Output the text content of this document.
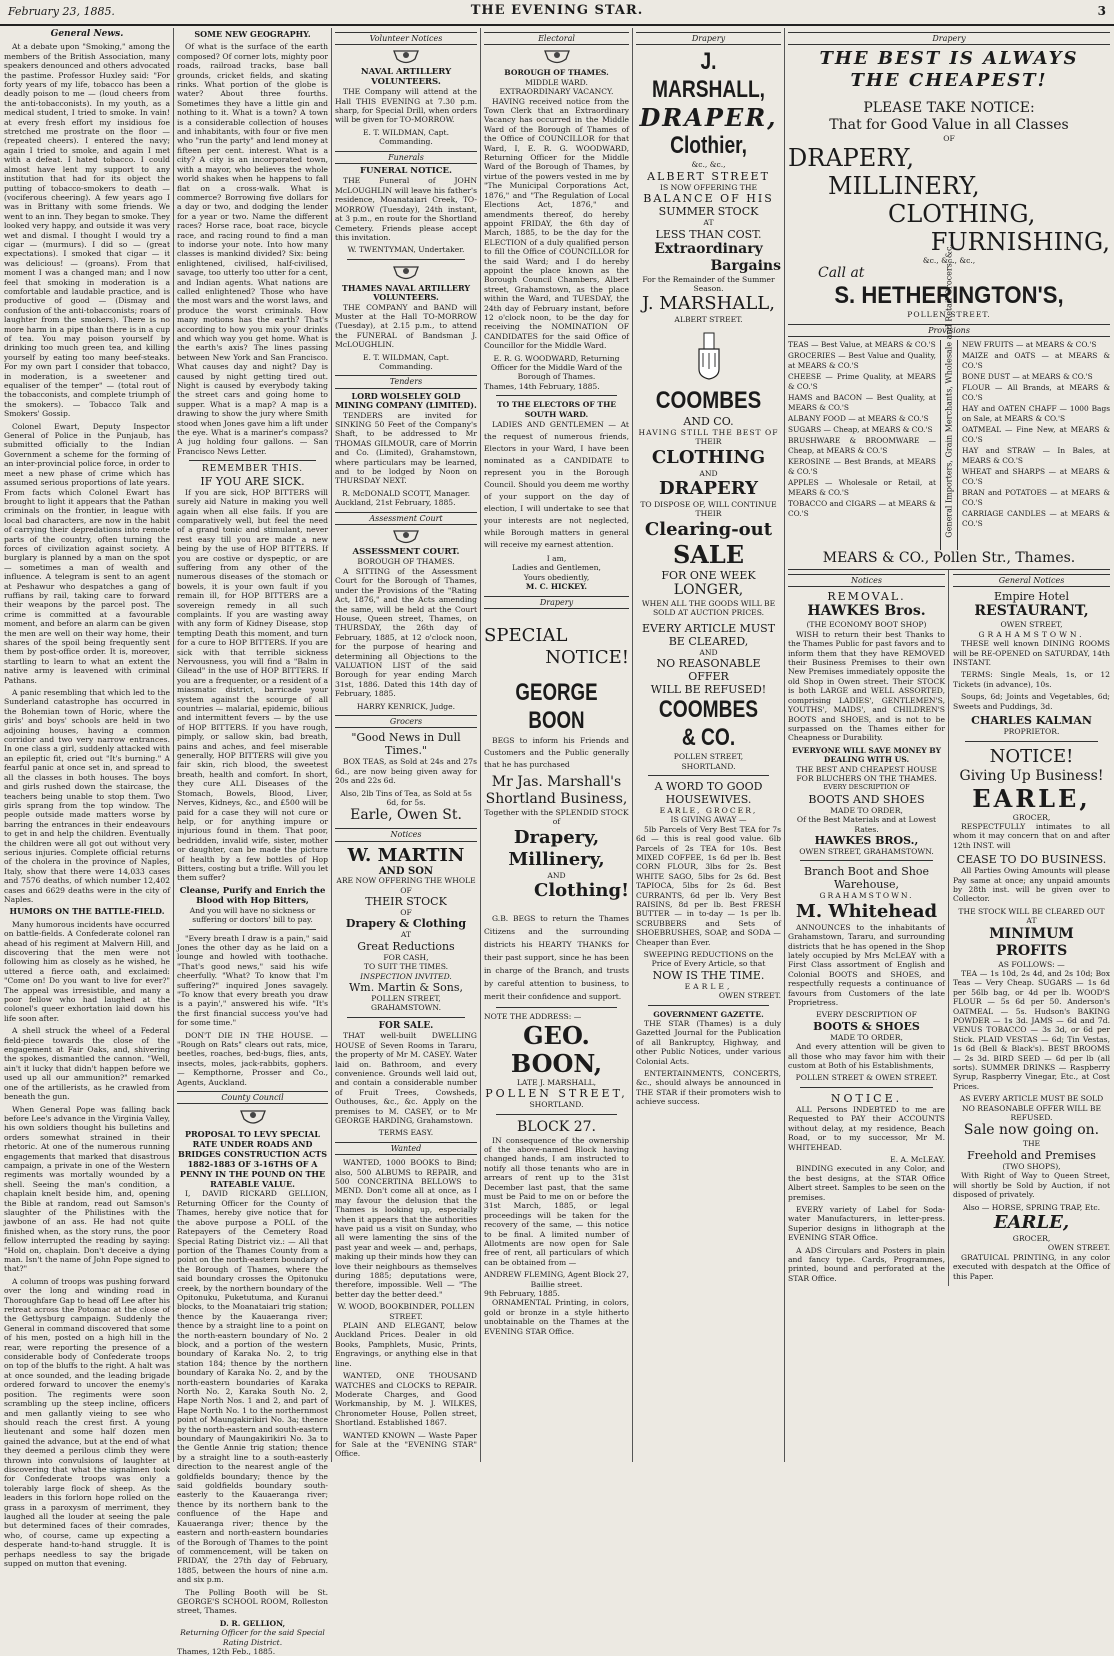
February 23, 1885.	THE EVENING STAR.	3
General News.

At a debate upon "Smoking," among the members of the British Association, many speakers denounced and others advocated the pastime. Professor Huxley said: "For forty years of my life, tobacco has been a deadly poison to me — (loud cheers from the anti-tobacconists). In my youth, as a medical student, I tried to smoke. In vain! at every fresh effort my insidious foe stretched me prostrate on the floor — (repeated cheers). I entered the navy; again I tried to smoke, and again I met with a defeat. I hated tobacco. I could almost have lent my support to any institution that had for its object the putting of tobacco-smokers to death — (vociferous cheering). A few years ago I was in Brittany with some friends. We went to an inn. They began to smoke. They looked very happy, and outside it was very wet and dismal. I thought I would try a cigar — (murmurs). I did so — (great expectations). I smoked that cigar — it was delicious! — (groans). From that moment I was a changed man; and I now feel that smoking in moderation is a comfortable and laudable practice, and is productive of good — (Dismay and confusion of the anti-tobacconists; roars of laughter from the smokers). There is no more harm in a pipe than there is in a cup of tea. You may poison yourself by drinking too much green tea, and killing yourself by eating too many beef-steaks. For my own part I consider that tobacco, in moderation, is a sweetener and equaliser of the temper" — (total rout of the tobacconists, and complete triumph of the smokers). — Tobacco Talk and Smokers' Gossip.

Colonel Ewart, Deputy Inspector General of Police in the Punjaub, has submitted officially to the Indian Government a scheme for the forming of an inter-provincial police force, in order to meet a new phase of crime which has assumed serious proportions of late years. From facts which Colonel Ewart has brought to light it appears that the Pathan criminals on the frontier, in league with local bad characters, are now in the habit of carrying their depredations into remote parts of the country, often turning the forces of civilization against society. A burglary is planned by a man on the spot — sometimes a man of wealth and influence. A telegram is sent to an agent at Peshawur who despatches a gang of ruffians by rail, taking care to forward their weapons by the parcel post. The crime is committed at a favourable moment, and before an alarm can be given the men are well on their way home, their shares of the spoil being frequently sent them by post-office order. It is, moreover, startling to learn to what an extent the native army is leavened with criminal Pathans.

A panic resembling that which led to the Sunderland catastrophe has occurred in the Bohemian town of Horic, where the girls' and boys' schools are held in two adjoining houses, having a common corridor and two very narrow entrances. In one class a girl, suddenly attacked with an epileptic fit, cried out "It's burning." A fearful panic at once set in, and spread to all the classes in both houses. The boys and girls rushed down the staircase, the teachers being unable to stop them. Two girls sprang from the top window. The people outside made matters worse by barring the entrances in their endeavours to get in and help the children. Eventually the children were all got out without very serious injuries. Complete official returns of the cholera in the province of Naples, Italy, show that there were 14,033 cases and 7576 deaths, of which number 12,402 cases and 6629 deaths were in the city of Naples.

HUMORS ON THE BATTLE-FIELD.

Many humorous incidents have occurred on battle-fields. A Confederate colonel ran ahead of his regiment at Malvern Hill, and discovering that the men were not following him as closely as he wished, he uttered a fierce oath, and exclaimed: "Come on! Do you want to live for ever?" The appeal was irresistible, and many a poor fellow who had laughed at the colonel's queer exhortation laid down his life soon after.

A shell struck the wheel of a Federal field-piece towards the close of the engagement at Fair Oaks, and, shivering the spokes, dismantled the cannon. "Well, ain't it lucky that didn't happen before we used up all our ammunition?" remarked one of the artillerists, as he crawled from beneath the gun.

When General Pope was falling back before Lee's advance in the Virginia Valley, his own soldiers thought his bulletins and orders somewhat strained in their rhetoric. At one of the numerous running engagements that marked that disastrous campaign, a private in one of the Western regiments was mortally wounded by a shell. Seeing the man's condition, a chaplain knelt beside him, and, opening the Bible at random, read out Samson's slaughter of the Philistines with the jawbone of an ass. He had not quite finished when, as the story runs, the poor fellow interrupted the reading by saying: "Hold on, chaplain. Don't deceive a dying man. Isn't the name of John Pope signed to that?"

A column of troops was pushing forward over the long and winding road in Thoroughfare Gap to head off Lee after his retreat across the Potomac at the close of the Gettysburg campaign. Suddenly the General in command discovered that some of his men, posted on a high hill in the rear, were reporting the presence of a considerable body of Confederate troops on top of the bluffs to the right. A halt was at once sounded, and the leading brigade ordered forward to uncover the enemy's position. The regiments were soon scrambling up the steep incline, officers and men gallantly vieing to see who should reach the crest first. A young lieutenant and some half dozen men gained the advance, but at the end of what they deemed a perilous climb they were thrown into convulsions of laughter at discovering that what the signalmen took for Confederate troops was only a tolerably large flock of sheep. As the leaders in this forlorn hope rolled on the grass in a paroxysm of merriment, they laughed all the louder at seeing the pale but determined faces of their comrades, who, of course, came up expecting a desperate hand-to-hand struggle. It is perhaps needless to say the brigade supped on mutton that evening.

SOME NEW GEOGRAPHY.

Of what is the surface of the earth composed? Of corner lots, mighty poor roads, railroad tracks, base ball grounds, cricket fields, and skating rinks. What portion of the globe is water? About three fourths. Sometimes they have a little gin and nothing to it. What is a town? A town is a considerable collection of houses and inhabitants, with four or five men who "run the party" and lend money at fifteen per cent. interest. What is a city? A city is an incorporated town, with a mayor, who believes the whole world shakes when he happens to fall flat on a cross-walk. What is commerce? Borrowing five dollars for a day or two, and dodging the lender for a year or two. Name the different races? Horse race, boat race, bicycle race, and racing round to find a man to indorse your note. Into how many classes is mankind divided? Six: being enlightened, civilised, half-civilised, savage, too utterly too utter for a cent, and Indian agents. What nations are called enlightened? Those who have the most wars and the worst laws, and produce the worst criminals. How many motions has the earth? That's according to how you mix your drinks and which way you get home. What is the earth's axis? The lines passing between New York and San Francisco. What causes day and night? Day is caused by night getting tired out. Night is caused by everybody taking the street cars and going home to supper. What is a map? A map is a drawing to show the jury where Smith stood when Jones gave him a lift under the eye. What is a mariner's compass? A jug holding four gallons. — San Francisco News Letter.

REMEMBER THIS.
IF YOU ARE SICK.

If you are sick, HOP BITTERS will surely aid Nature in making you well again when all else fails. If you are comparatively well, but feel the need of a grand tonic and stimulant, never rest easy till you are made a new being by the use of HOP BITTERS. If you are costive or dyspeptic, or are suffering from any other of the numerous diseases of the stomach or bowels, it is your own fault if you remain ill, for HOP BITTERS are a sovereign remedy in all such complaints. If you are wasting away with any form of Kidney Disease, stop tempting Death this moment, and turn for a cure to HOP BITTERS. If you are sick with that terrible sickness Nervousness, you will find a "Balm in Gilead" in the use of HOP BITTERS. If you are a frequenter, or a resident of a miasmatic district, barricade your system against the scourge of all countries — malarial, epidemic, bilious and intermittent fevers — by the use of HOP BITTERS. If you have rough, pimply, or sallow skin, bad breath, pains and aches, and feel miserable generally, HOP BITTERS will give you fair skin, rich blood, the sweetest breath, health and comfort. In short, they cure ALL Diseases of the Stomach, Bowels, Blood, Liver, Nerves, Kidneys, &c., and £500 will be paid for a case they will not cure or help, or for anything impure or injurious found in them. That poor, bedridden, invalid wife, sister, mother or daughter, can be made the picture of health by a few bottles of Hop Bitters, costing but a trifle. Will you let them suffer?

Cleanse, Purify and Enrich the Blood with Hop Bitters,
And you will have no sickness or suffering or doctors' bill to pay.

"Every breath I draw is a pain," said Jones the other day as he laid on a lounge and howled with toothache. "That's good news," said his wife cheerfully. "What? To know that I'm suffering?" inquired Jones savagely. "To know that every breath you draw is a payin'," answered his wife. "It's the first financial success you've had for some time."

DON'T DIE IN THE HOUSE. — "Rough on Rats" clears out rats, mice, beetles, roaches, bed-bugs, flies, ants, insects, moles, jack-rabbits, gophers. — Kempthorne, Prosser and Co., Agents, Auckland.

County Council
PROPOSAL TO LEVY SPECIAL RATE UNDER ROADS AND BRIDGES CONSTRUCTION ACTS 1882-1883 OF 3-16THS OF A PENNY IN THE POUND ON THE RATEABLE VALUE.

I, DAVID RICKARD GELLION, Returning Officer for the County of Thames, hereby give notice that for the above purpose a POLL of the Ratepayers of the Cemetery Road Special Rating District viz.: — All that portion of the Thames County from a point on the north-eastern boundary of the Borough of Thames, where the said boundary crosses the Opitonuku creek, by the northern boundary of the Opitonuku, Puketutuma, and Kuranui blocks, to the Moanataiari trig station; thence by the Kauaeranga river; thence by a straight line to a point on the north-eastern boundary of No. 2 block, and a portion of the western boundary of Karaka No. 2, to trig station 184; thence by the northern boundary of Karaka No. 2, and by the north-eastern boundaries of Karaka North No. 2, Karaka South No. 2, Hape North Nos. 1 and 2, and part of Hape North No. 1 to the northernmost point of Maungakirikiri No. 3a; thence by the north-eastern and south-eastern boundary of Maungakirikiri No. 3a to the Gentle Annie trig station; thence by a straight line to a south-easterly direction to the nearest angle of the goldfields boundary; thence by the said goldfields boundary south-easterly to the Kauaeranga river; thence by its northern bank to the confluence of the Hape and Kauaeranga river; thence by the eastern and north-eastern boundaries of the Borough of Thames to the point of commencement, will be taken on FRIDAY, the 27th day of February, 1885, between the hours of nine a.m. and six p.m.

The Polling Booth will be St. GEORGE'S SCHOOL ROOM, Rolleston street, Thames.

D. R. GELLION,
Returning Officer for the said Special Rating District.
Thames, 12th Feb., 1885.
Volunteer Notices
NAVAL ARTILLERY VOLUNTEERS.

THE Company will attend at the Hall THIS EVENING at 7.30 p.m. sharp, for Special Drill, when orders will be given for TO-MORROW.

E. T. WILDMAN, Capt. Commanding.
Funerals
FUNERAL NOTICE.

THE Funeral of JOHN McLOUGHLIN will leave his father's residence, Moanataiari Creek, TO-MORROW (Tuesday), 24th instant, at 3 p.m., en route for the Shortland Cemetery. Friends please accept this invitation.

W. TWENTYMAN, Undertaker.
THAMES NAVAL ARTILLERY VOLUNTEERS.

THE COMPANY and BAND will Muster at the Hall TO-MORROW (Tuesday), at 2.15 p.m., to attend the FUNERAL of Bandsman J. McLOUGHLIN.

E. T. WILDMAN, Capt. Commanding.
Tenders
LORD WOLSELEY GOLD MINING COMPANY (LIMITED).

TENDERS are invited for SINKING 50 Feet of the Company's Shaft, to be addressed to Mr THOMAS GILMOUR, care of Morrin and Co. (Limited), Grahamstown, where particulars may be learned, and to be lodged by Noon on THURSDAY NEXT.

R. McDONALD SCOTT, Manager.
Auckland, 21st February, 1885.
Assessment Court
ASSESSMENT COURT.
BOROUGH OF THAMES.

A SITTING of the Assessment Court for the Borough of Thames, under the Provisions of the "Rating Act, 1876," and the Acts amending the same, will be held at the Court House, Queen street, Thames, on THURSDAY, the 26th day of February, 1885, at 12 o'clock noon, for the purpose of hearing and determining all Objections to the VALUATION LIST of the said Borough for year ending March 31st, 1886. Dated this 14th day of February, 1885.

HARRY KENRICK, Judge.
Grocers
"Good News in Dull Times."

BOX TEAS, as Sold at 24s and 27s 6d., are now being given away for 20s and 22s 6d.

Also, 2lb Tins of Tea, as Sold at 5s 6d, for 5s.
Earle, Owen St.
Notices
W. MARTIN
AND SON
ARE NOW OFFERING THE WHOLE OF
THEIR STOCK
OF
Drapery & Clothing
AT
Great Reductions
FOR CASH,
TO SUIT THE TIMES.
INSPECTION INVITED.
Wm. Martin & Sons,
POLLEN STREET,
GRAHAMSTOWN.
FOR SALE.

THAT well-built DWELLING HOUSE of Seven Rooms in Tararu, the property of Mr M. CASEY. Water laid on. Bathroom, and every convenience. Grounds well laid out, and contain a considerable number of Fruit Trees, Cowsheds, Outhouses, &c., &c. Apply on the premises to M. CASEY, or to Mr GEORGE HARDING, Grahamstown.

TERMS EASY.
Wanted

WANTED, 1000 BOOKS to Bind; also, 500 ALBUMS to REPAIR, and 500 CONCERTINA BELLOWS to MEND. Don't come all at once, as I may favour the delusion that the Thames is looking up, especially when it appears that the authorities have paid us a visit on Sunday, who all were lamenting the sins of the past year and week — and, perhaps, making up their minds how they can love their neighbours as themselves during 1885; deputations were, therefore, impossible. Well — "The better day the better deed."

W. WOOD, BOOKBINDER, POLLEN STREET.

PLAIN AND ELEGANT, below Auckland Prices. Dealer in old Books, Pamphlets, Music, Prints, Engravings, or anything else in that line.

WANTED, ONE THOUSAND WATCHES and CLOCKS to REPAIR. Moderate Charges, and Good Workmanship, by M. J. WILKES, Chronometer House, Pollen street, Shortland. Established 1867.

WANTED KNOWN — Waste Paper for Sale at the "EVENING STAR" Office.

Electoral
BOROUGH OF THAMES.
MIDDLE WARD.
EXTRAORDINARY VACANCY.

HAVING received notice from the Town Clerk that an Extraordinary Vacancy has occurred in the Middle Ward of the Borough of Thames of the Office of COUNCILLOR for that Ward, I, E. R. G. WOODWARD, Returning Officer for the Middle Ward of the Borough of Thames, by virtue of the powers vested in me by "The Municipal Corporations Act, 1876," and "The Regulation of Local Elections Act, 1876," and amendments thereof, do hereby appoint FRIDAY, the 6th day of March, 1885, to be the day for the ELECTION of a duly qualified person to fill the Office of COUNCILLOR for the said Ward; and I do hereby appoint the place known as the Borough Council Chambers, Albert street, Grahamstown, as the place within the Ward, and TUESDAY, the 24th day of February instant, before 12 o'clock noon, to be the day for receiving the NOMINATION OF CANDIDATES for the said Office of Councillor for the Middle Ward.

E. R. G. WOODWARD, Returning Officer for the Middle Ward of the Borough of Thames.
Thames, 14th February, 1885.
TO THE ELECTORS OF THE SOUTH WARD.

LADIES AND GENTLEMEN — At the request of numerous friends, Electors in your Ward, I have been nominated as a CANDIDATE to represent you in the Borough Council. Should you deem me worthy of your support on the day of election, I will undertake to see that your interests are not neglected, while Borough matters in general will receive my earnest attention.

I am,
Ladies and Gentlemen,
Yours obediently,
M. C. HICKEY.
Drapery
SPECIAL
NOTICE!
GEORGE BOON

BEGS to inform his Friends and Customers and the Public generally that he has purchased

Mr Jas. Marshall's
Shortland Business,
Together with the SPLENDID STOCK of
Drapery,
Millinery,
AND
Clothing!

G.B. BEGS to return the Thames Citizens and the surrounding districts his HEARTY THANKS for their past support, since he has been in charge of the Branch, and trusts by careful attention to business, to merit their confidence and support.

NOTE THE ADDRESS: —
GEO. BOON,
LATE J. MARSHALL,
POLLEN STREET,
SHORTLAND.
BLOCK 27.

IN consequence of the ownership of the above-named Block having changed hands, I am instructed to notify all those tenants who are in arrears of rent up to the 31st December last past, that the same must be Paid to me on or before the 31st March, 1885, or legal proceedings will be taken for the recovery of the same, — this notice to be final. A limited number of Allotments are now open for Sale free of rent, all particulars of which can be obtained from —

ANDREW FLEMING, Agent Block 27, Baillie street.
9th February, 1885.

ORNAMENTAL Printing, in colors, gold or bronze in a style hitherto unobtainable on the Thames at the EVENING STAR Office.

Drapery
J. MARSHALL,
DRAPER,
Clothier,
&c., &c.,
ALBERT STREET
IS NOW OFFERING THE
BALANCE OF HIS
SUMMER STOCK
AT
LESS THAN COST.
Extraordinary
Bargains
For the Remainder of the Summer Season.
J. MARSHALL,
ALBERT STREET.
COOMBES
AND CO.
HAVING STILL THE BEST OF
THEIR
CLOTHING
AND
DRAPERY
TO DISPOSE OF, WILL CONTINUE
THEIR
Clearing-out
SALE
FOR ONE WEEK
LONGER,
WHEN ALL THE GOODS WILL BE SOLD AT AUCTION PRICES.
EVERY ARTICLE MUST BE CLEARED,
AND
NO REASONABLE OFFER
WILL BE REFUSED!
COOMBES & CO.
POLLEN STREET,
SHORTLAND.
A WORD TO GOOD HOUSEWIVES.
EARLE, GROCER,
IS GIVING AWAY —

5lb Parcels of Very Best TEA for 7s 6d — this is real good value. 6lb Parcels of 2s TEA for 10s. Best MIXED COFFEE, 1s 6d per lb. Best CORN FLOUR, 3lbs for 2s. Best WHITE SAGO, 5lbs for 2s 6d. Best TAPIOCA, 5lbs for 2s 6d. Best CURRANTS, 6d per lb. Very Best RAISINS, 8d per lb. Best FRESH BUTTER — in to-day — 1s per lb. SCRUBBERS and Sets of SHOEBRUSHES, SOAP, and SODA — Cheaper than Ever.

SWEEPING REDUCTIONS on the Price of Every Article, so that
NOW IS THE TIME.
EARLE,
OWEN STREET.
GOVERNMENT GAZETTE.

THE STAR (Thames) is a duly Gazetted Journal for the Publication of all Bankruptcy, Highway, and other Public Notices, under various Colonial Acts.

ENTERTAINMENTS, CONCERTS, &c., should always be announced in THE STAR if their promoters wish to achieve success.

Drapery
THE BEST IS ALWAYS
THE CHEAPEST!
PLEASE TAKE NOTICE:
That for Good Value in all Classes
OF
DRAPERY,
MILLINERY,
CLOTHING,
FURNISHING,
&c., &c., &c.,
Call at
S. HETHERINGTON'S,
POLLEN STREET.
Provisions
TEAS — Best Value, at MEARS & CO.'S
GROCERIES — Best Value and Quality, at MEARS & CO.'S
CHEESE — Prime Quality, at MEARS & CO.'S
HAMS and BACON — Best Quality, at MEARS & CO.'S
ALBANY FOOD — at MEARS & CO.'S
SUGARS — Cheap, at MEARS & CO.'S
BRUSHWARE & BROOMWARE — Cheap, at MEARS & CO.'S
KEROSINE — Best Brands, at MEARS & CO.'S
APPLES — Wholesale or Retail, at MEARS & CO.'S
TOBACCO and CIGARS — at MEARS & CO.'S	General Importers, Grain Merchants, Wholesale and Retail Grocers, &c. NEW FRUITS — at MEARS & CO.'S
MAIZE and OATS — at MEARS & CO.'S
BONE DUST — at MEARS & CO.'S
FLOUR — All Brands, at MEARS & CO.'S
HAY and OATEN CHAFF — 1000 Bags on Sale, at MEARS & CO.'S
OATMEAL — Fine New, at MEARS & CO.'S
HAY and STRAW — In Bales, at MEARS & CO.'S
WHEAT and SHARPS — at MEARS & CO.'S
BRAN and POTATOES — at MEARS & CO.'S
CARRIAGE CANDLES — at MEARS & CO.'S
MEARS & CO., Pollen Str., Thames.
Notices
REMOVAL.
HAWKES Bros.
(THE ECONOMY BOOT SHOP)

WISH to return their best Thanks to the Thames Public for past favors and to inform them that they have REMOVED their Business Premises to their own New Premises immediately opposite the old Shop in Owen street. Their STOCK is both LARGE and WELL ASSORTED, comprising LADIES', GENTLEMEN'S, YOUTHS', MAIDS', and CHILDREN'S BOOTS and SHOES, and is not to be surpassed on the Thames either for Cheapness or Durability.

EVERYONE WILL SAVE MONEY BY DEALING WITH US.
THE BEST AND CHEAPEST HOUSE FOR BLUCHERS ON THE THAMES.
EVERY DESCRIPTION OF
BOOTS AND SHOES
MADE TO ORDER,
Of the Best Materials and at Lowest Rates.
HAWKES BROS.,
OWEN STREET, GRAHAMSTOWN.
Branch Boot and Shoe Warehouse,
GRAHAMSTOWN.
M. Whitehead

ANNOUNCES to the inhabitants of Grahamstown, Tararu, and surrounding districts that he has opened in the Shop lately occupied by Mrs McLEAY with a First Class assortment of English and Colonial BOOTS and SHOES, and respectfully requests a continuance of favours from Customers of the late Proprietress.

EVERY DESCRIPTION OF
BOOTS & SHOES
MADE TO ORDER,

And every attention will be given to all those who may favor him with their custom at Both of his Establishments,

POLLEN STREET & OWEN STREET.
NOTICE.

ALL Persons INDEBTED to me are Requested to PAY their ACCOUNTS without delay, at my residence, Beach Road, or to my successor, Mr M. WHITEHEAD.

E. A. McLEAY.

BINDING executed in any Color, and the best designs, at the STAR Office Albert street. Samples to be seen on the premises.

EVERY variety of Label for Soda-water Manufacturers, in letter-press. Superior designs in lithograph at the EVENING STAR Office.

A ADS Circulars and Posters in plain and fancy type. Cards, Programmes, printed, bound and perforated at the STAR Office.

General Notices
Empire Hotel
RESTAURANT,
OWEN STREET,
GRAHAMSTOWN.

THESE well known DINING ROOMS will be RE-OPENED on SATURDAY, 14th INSTANT.

TERMS: Single Meals, 1s, or 12 Tickets (in advance), 10s.

Soups, 6d; Joints and Vegetables, 6d; Sweets and Puddings, 3d.

CHARLES KALMAN
PROPRIETOR.
NOTICE!
Giving Up Business!
EARLE,
GROCER,

RESPECTFULLY intimates to all whom it may concern that on and after 12th INST. will

CEASE TO DO BUSINESS.

All Parties Owing Amounts will please Pay same at once; any unpaid amounts by 28th inst. will be given over to Collector.

THE STOCK WILL BE CLEARED OUT AT
MINIMUM PROFITS
AS FOLLOWS: —

TEA — 1s 10d, 2s 4d, and 2s 10d; Box Teas — Very Cheap. SUGARS — 1s 6d per 56lb bag, or 4d per lb. WOOD'S FLOUR — 5s 6d per 50. Anderson's OATMEAL — 5s. Hudson's BAKING POWDER — 1s 3d. JAMS — 6d and 7d. VENUS TOBACCO — 3s 3d, or 6d per Stick. PLAID VESTAS — 6d; Tin Vestas, 1s 6d (Bell & Black's). BEST BROOMS — 2s 3d. BIRD SEED — 6d per lb (all sorts). SUMMER DRINKS — Raspberry Syrup, Raspberry Vinegar, Etc., at Cost Prices.

AS EVERY ARTICLE MUST BE SOLD NO REASONABLE OFFER WILL BE REFUSED.
Sale now going on.
THE
Freehold and Premises
(TWO SHOPS),

With Right of Way to Queen Street, will shortly be Sold by Auction, if not disposed of privately.

Also — HORSE, SPRING TRAP, Etc.
EARLE,
GROCER,
OWEN STREET.

GRATUICAL PRINTING, in any color executed with despatch at the Office of this Paper.
